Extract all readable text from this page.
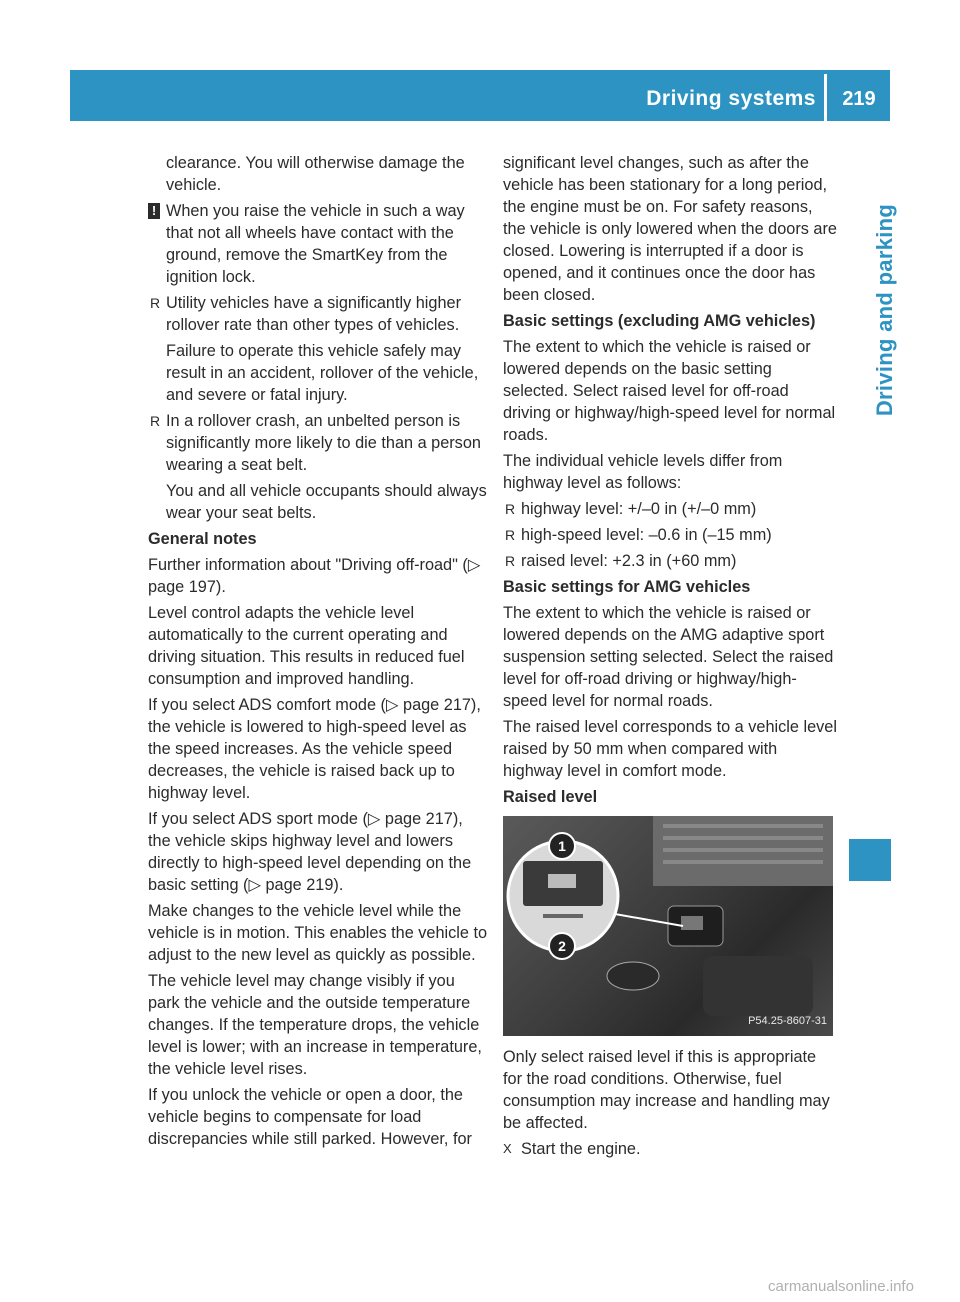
Driving systems	219
Driving and parking
clearance. You will otherwise damage the vehicle.
! When you raise the vehicle in such a way that not all wheels have contact with the ground, remove the SmartKey from the ignition lock.
R Utility vehicles have a significantly higher rollover rate than other types of vehicles.
Failure to operate this vehicle safely may result in an accident, rollover of the vehicle, and severe or fatal injury.
R In a rollover crash, an unbelted person is significantly more likely to die than a person wearing a seat belt.
You and all vehicle occupants should always wear your seat belts.
General notes
Further information about "Driving off-road" (▷ page 197).
Level control adapts the vehicle level automatically to the current operating and driving situation. This results in reduced fuel consumption and improved handling.
If you select ADS comfort mode (▷ page 217), the vehicle is lowered to high-speed level as the speed increases. As the vehicle speed decreases, the vehicle is raised back up to highway level.
If you select ADS sport mode (▷ page 217), the vehicle skips highway level and lowers directly to high-speed level depending on the basic setting (▷ page 219).
Make changes to the vehicle level while the vehicle is in motion. This enables the vehicle to adjust to the new level as quickly as possible.
The vehicle level may change visibly if you park the vehicle and the outside temperature changes. If the temperature drops, the vehicle level is lower; with an increase in temperature, the vehicle level rises.
If you unlock the vehicle or open a door, the vehicle begins to compensate for load discrepancies while still parked. However, for
significant level changes, such as after the vehicle has been stationary for a long period, the engine must be on. For safety reasons, the vehicle is only lowered when the doors are closed. Lowering is interrupted if a door is opened, and it continues once the door has been closed.
Basic settings (excluding AMG vehicles)
The extent to which the vehicle is raised or lowered depends on the basic setting selected. Select raised level for off-road driving or highway/high-speed level for normal roads.
The individual vehicle levels differ from highway level as follows:
R highway level: +/–0 in (+/–0 mm)
R high-speed level: –0.6 in (–15 mm)
R raised level: +2.3 in (+60 mm)
Basic settings for AMG vehicles
The extent to which the vehicle is raised or lowered depends on the AMG adaptive sport suspension setting selected. Select the raised level for off-road driving or highway/high-speed level for normal roads.
The raised level corresponds to a vehicle level raised by 50 mm when compared with highway level in comfort mode.
Raised level
1
2
P54.25-8607-31
Only select raised level if this is appropriate for the road conditions. Otherwise, fuel consumption may increase and handling may be affected.
X Start the engine.
carmanualsonline.info
